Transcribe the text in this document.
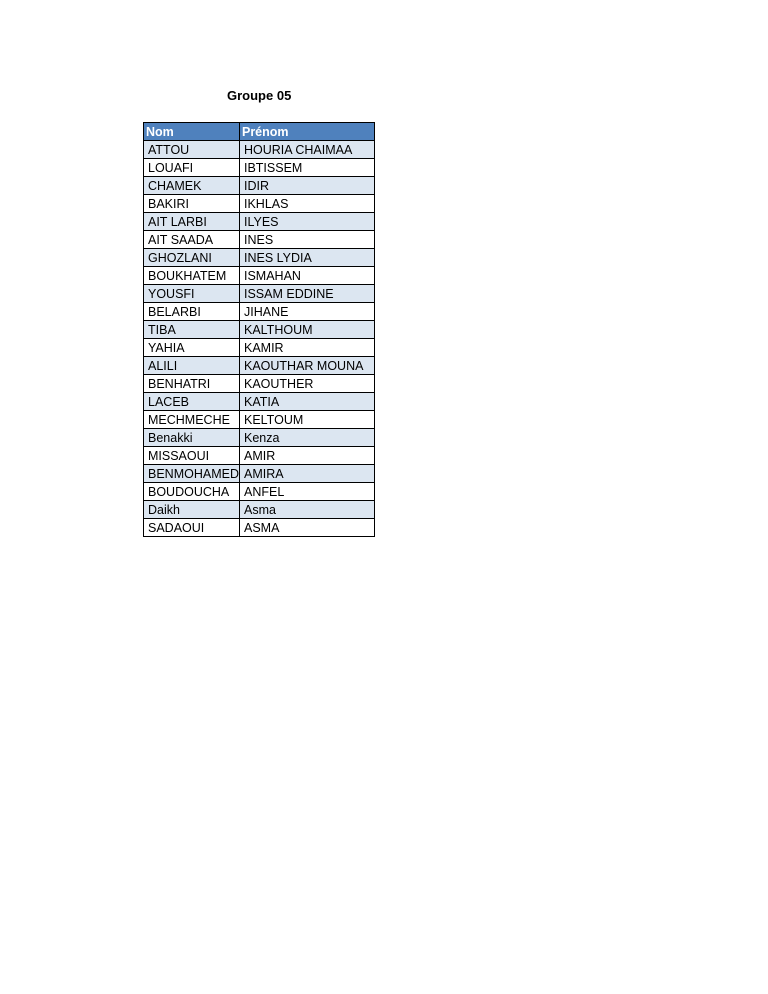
Groupe 05
Nom	Prénom
ATTOU	HOURIA CHAIMAA
LOUAFI	IBTISSEM
CHAMEK	IDIR
BAKIRI	IKHLAS
AIT LARBI	ILYES
AIT SAADA	INES
GHOZLANI	INES LYDIA
BOUKHATEM	ISMAHAN
YOUSFI	ISSAM EDDINE
BELARBI	JIHANE
TIBA	KALTHOUM
YAHIA	KAMIR
ALILI	KAOUTHAR MOUNA
BENHATRI	KAOUTHER
LACEB	KATIA
MECHMECHE	KELTOUM
Benakki	Kenza
MISSAOUI	AMIR
BENMOHAMED	AMIRA
BOUDOUCHA	ANFEL
Daikh	Asma
SADAOUI	ASMA
